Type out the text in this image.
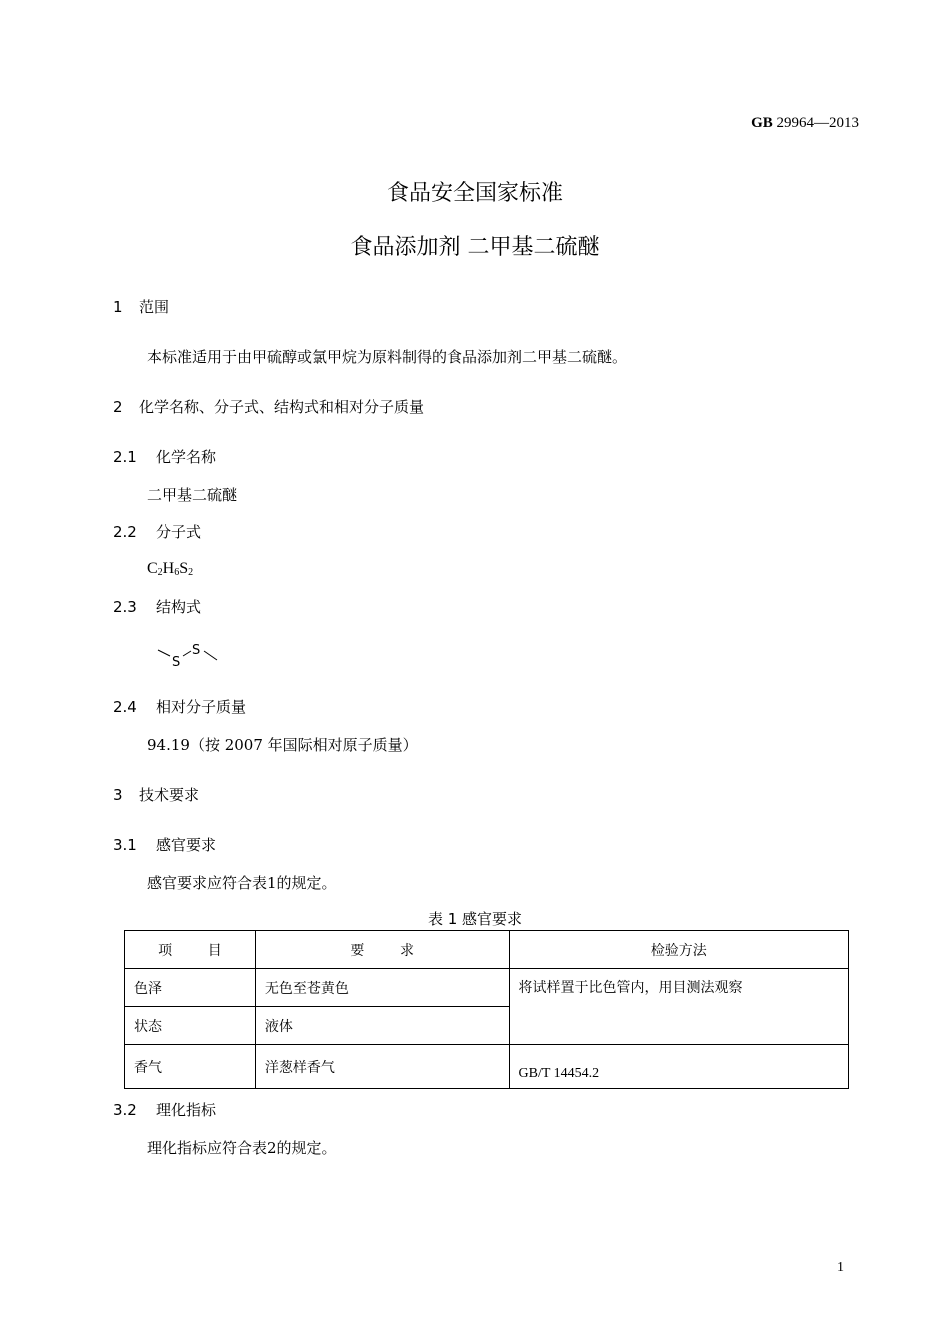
GB 29964—2013
食品安全国家标准
食品添加剂 二甲基二硫醚
1 范围
本标准适用于由甲硫醇或氯甲烷为原料制得的食品添加剂二甲基二硫醚。
2 化学名称、分子式、结构式和相对分子质量
2.1 化学名称
二甲基二硫醚
2.2 分子式
$C_2H_6S_2$
2.3 结构式
S
S
2.4 相对分子质量
94.19（按 2007 年国际相对原子质量）
3 技术要求
3.1 感官要求
感官要求应符合表1的规定。
表 1 感官要求
项        目	要        求	检验方法
色泽	无色至苍黄色	将试样置于比色管内，用目测法观察
状态	液体	
香气	洋葱样香气	GB/T 14454.2
3.2 理化指标
理化指标应符合表2的规定。
1
